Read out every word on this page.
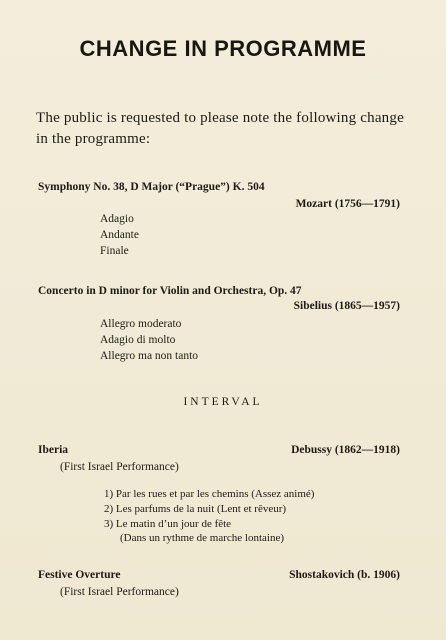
CHANGE IN PROGRAMME
The public is requested to please note the following change in the programme:
Symphony No. 38, D Major (“Prague”) K. 504
Mozart (1756—1791)
Adagio
Andante
Finale
Concerto in D minor for Violin and Orchestra, Op. 47
Sibelius (1865—1957)
Allegro moderato
Adagio di molto
Allegro ma non tanto
INTERVAL
Iberia	Debussy (1862—1918)
(First Israel Performance)
1) Par les rues et par les chemins (Assez animé)
2) Les parfums de la nuit (Lent et rêveur)
3) Le matin d’un jour de fête
(Dans un rythme de marche lontaine)
Festive Overture	Shostakovich (b. 1906)
(First Israel Performance)
